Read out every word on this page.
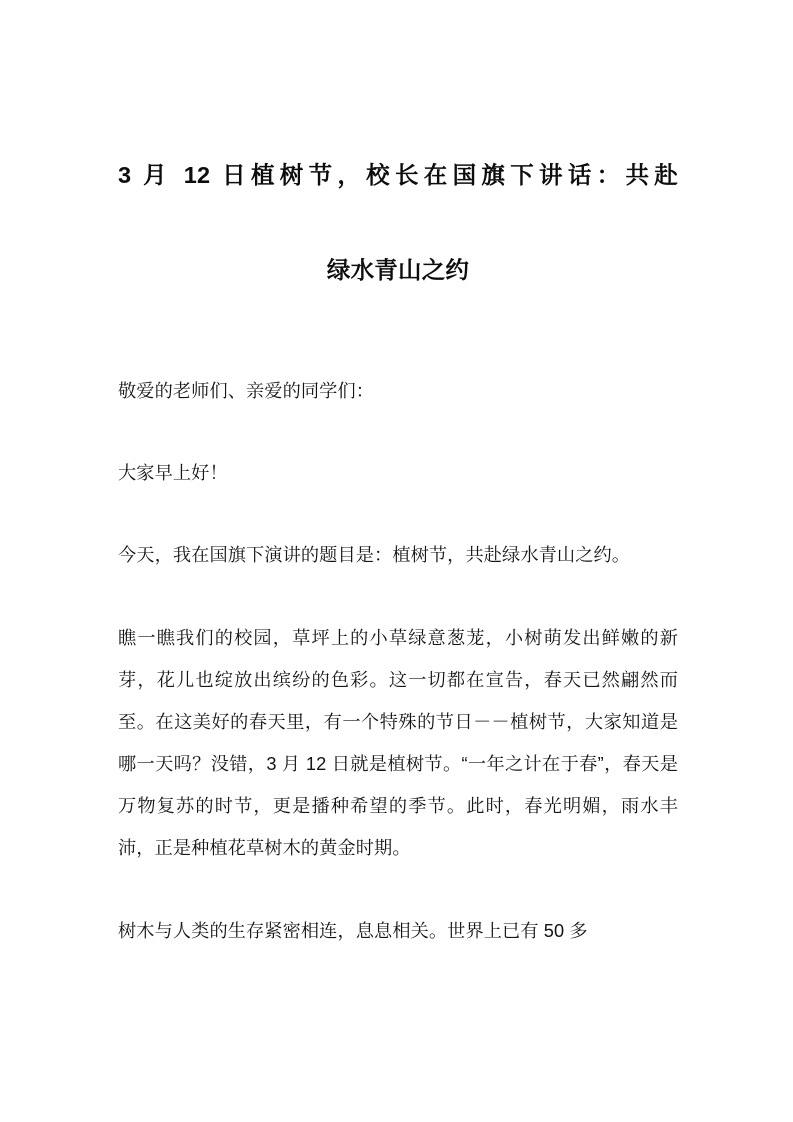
3 月 12 日植树节，校长在国旗下讲话：共赴
绿水青山之约

敬爱的老师们、亲爱的同学们：

大家早上好！

今天，我在国旗下演讲的题目是：植树节，共赴绿水青山之约。

瞧一瞧我们的校园，草坪上的小草绿意葱茏，小树萌发出鲜嫩的新芽，花儿也绽放出缤纷的色彩。这一切都在宣告，春天已然翩然而至。在这美好的春天里，有一个特殊的节日－－植树节，大家知道是哪一天吗？没错，3 月 12 日就是植树节。“一年之计在于春”，春天是万物复苏的时节，更是播种希望的季节。此时，春光明媚，雨水丰沛，正是种植花草树木的黄金时期。

树木与人类的生存紧密相连，息息相关。世界上已有 50 多
